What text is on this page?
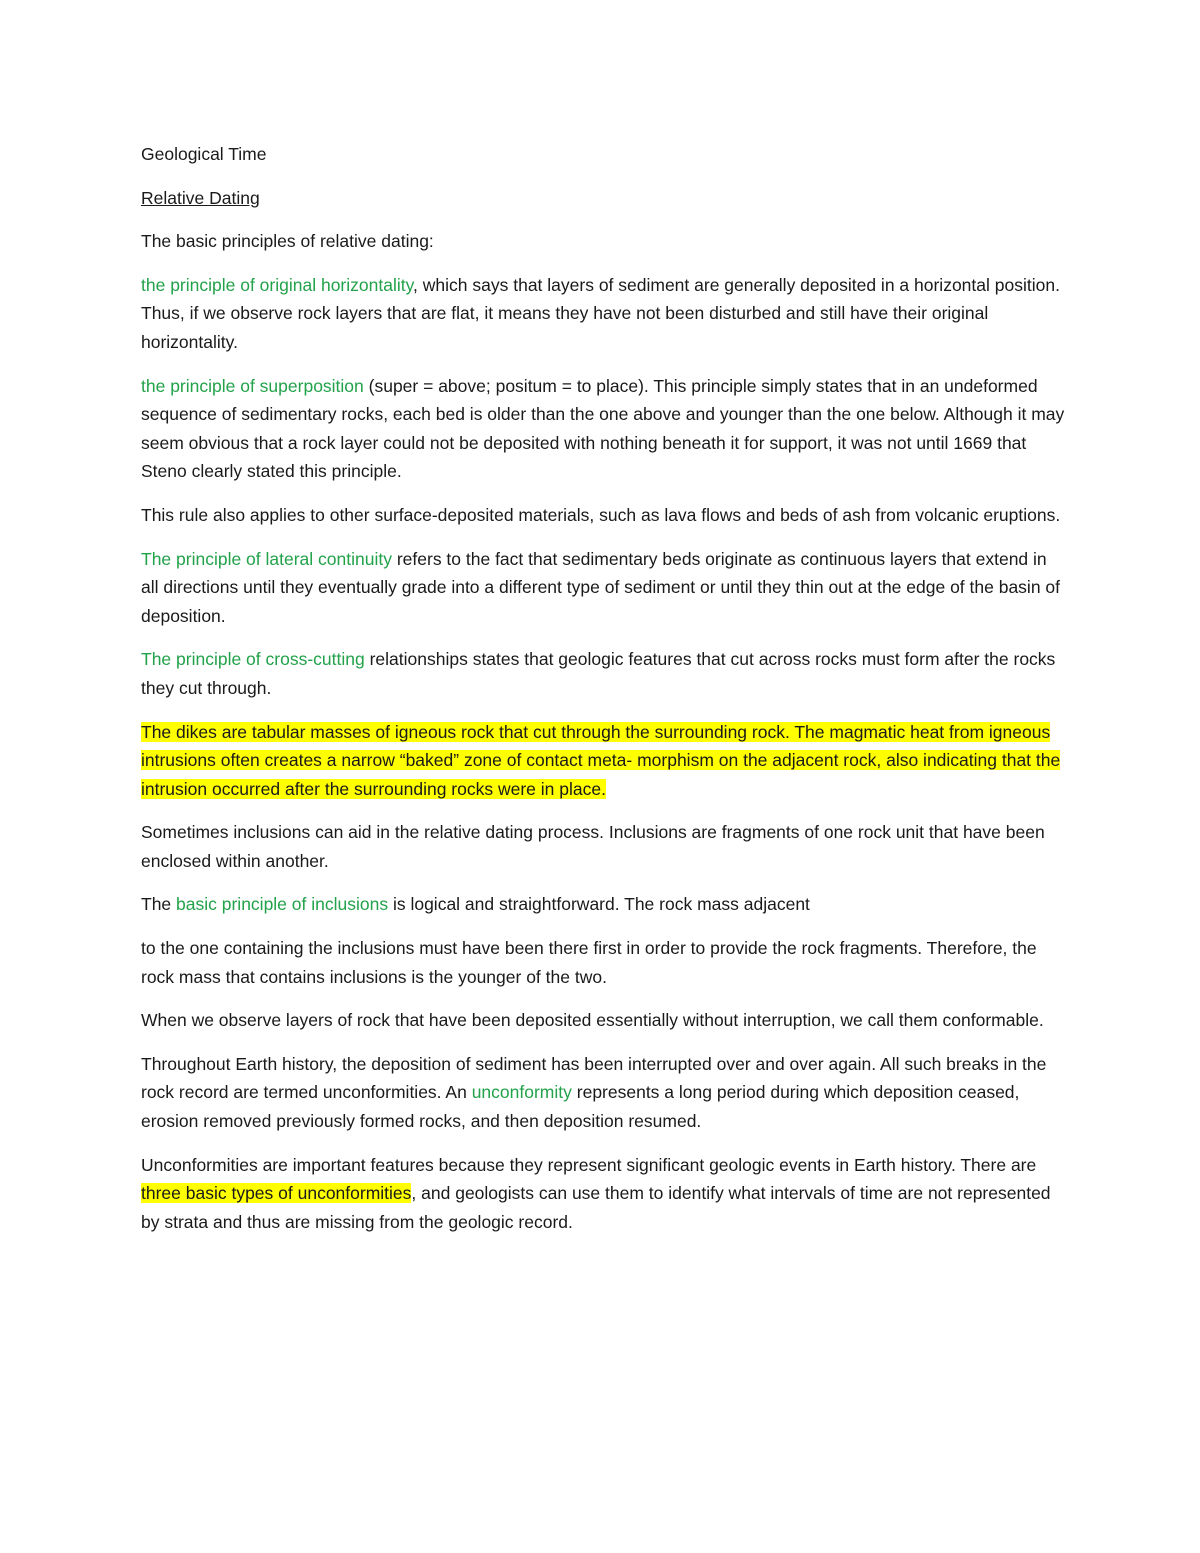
Geological Time

Relative Dating

The basic principles of relative dating:

the principle of original horizontality, which says that layers of sediment are generally deposited in a horizontal position. Thus, if we observe rock layers that are flat, it means they have not been disturbed and still have their original horizontality.

the principle of superposition (super = above; positum = to place). This principle simply states that in an undeformed sequence of sedimentary rocks, each bed is older than the one above and younger than the one below. Although it may seem obvious that a rock layer could not be deposited with nothing beneath it for support, it was not until 1669 that Steno clearly stated this principle.

This rule also applies to other surface-deposited materials, such as lava flows and beds of ash from volcanic eruptions.

The principle of lateral continuity refers to the fact that sedimentary beds originate as continuous layers that extend in all directions until they eventually grade into a different type of sediment or until they thin out at the edge of the basin of deposition.

The principle of cross-cutting relationships states that geologic features that cut across rocks must form after the rocks they cut through.

The dikes are tabular masses of igneous rock that cut through the surrounding rock. The magmatic heat from igneous intrusions often creates a narrow “baked” zone of contact meta- morphism on the adjacent rock, also indicating that the intrusion occurred after the surrounding rocks were in place.

Sometimes inclusions can aid in the relative dating process. Inclusions are fragments of one rock unit that have been enclosed within another.

The basic principle of inclusions is logical and straightforward. The rock mass adjacent

to the one containing the inclusions must have been there first in order to provide the rock fragments. Therefore, the rock mass that contains inclusions is the younger of the two.

When we observe layers of rock that have been deposited essentially without interruption, we call them conformable.

Throughout Earth history, the deposition of sediment has been interrupted over and over again. All such breaks in the rock record are termed unconformities. An unconformity represents a long period during which deposition ceased, erosion removed previously formed rocks, and then deposition resumed.

Unconformities are important features because they represent significant geologic events in Earth history. There are three basic types of unconformities, and geologists can use them to identify what intervals of time are not represented by strata and thus are missing from the geologic record.
